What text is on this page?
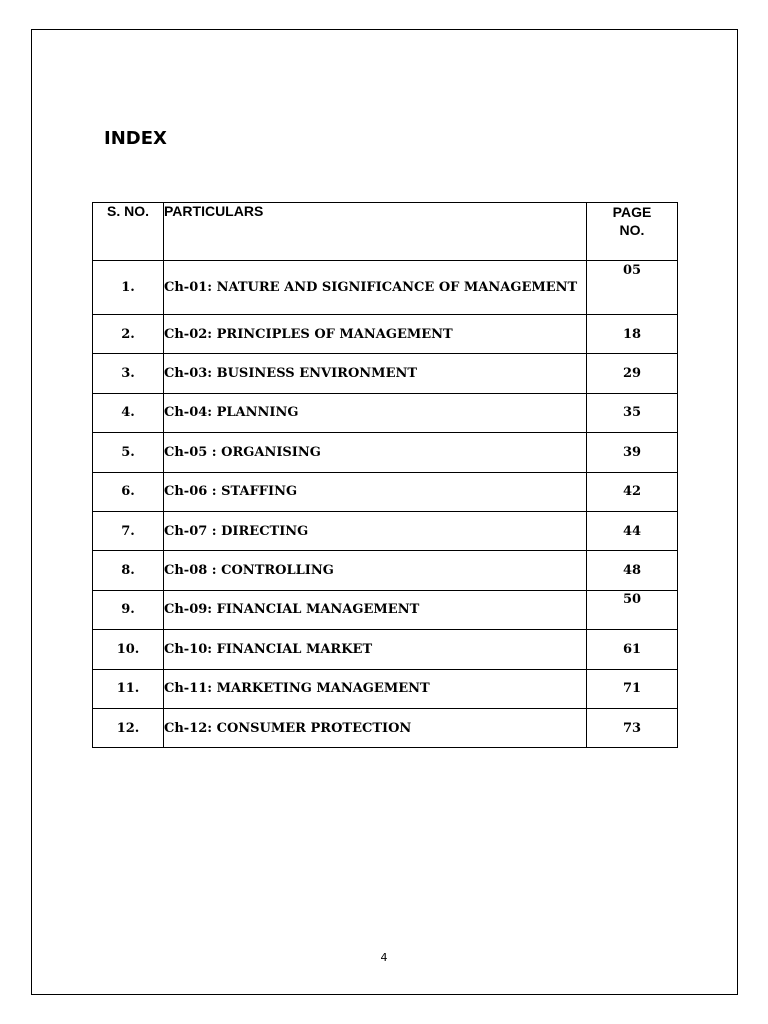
INDEX
S. NO.	PARTICULARS	PAGE
NO.
1.	Ch-01: NATURE AND SIGNIFICANCE OF MANAGEMENT	05
2.	Ch-02: PRINCIPLES OF MANAGEMENT	18
3.	Ch-03: BUSINESS ENVIRONMENT	29
4.	Ch-04: PLANNING	35
5.	Ch-05 : ORGANISING	39
6.	Ch-06 : STAFFING	42
7.	Ch-07 : DIRECTING	44
8.	Ch-08 : CONTROLLING	48
9.	Ch-09: FINANCIAL MANAGEMENT	50
10.	Ch-10: FINANCIAL MARKET	61
11.	Ch-11: MARKETING MANAGEMENT	71
12.	Ch-12: CONSUMER PROTECTION	73
4
